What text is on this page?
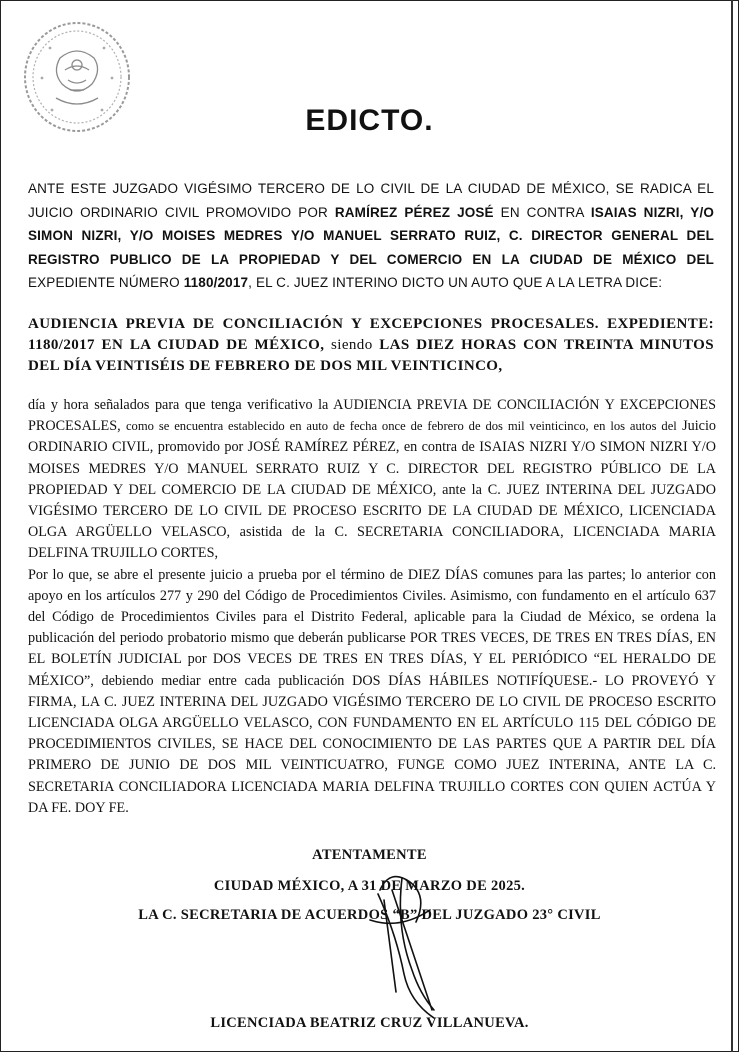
EDICTO.
ANTE ESTE JUZGADO VIGÉSIMO TERCERO DE LO CIVIL DE LA CIUDAD DE MÉXICO, SE RADICA EL JUICIO ORDINARIO CIVIL PROMOVIDO POR RAMÍREZ PÉREZ JOSÉ EN CONTRA ISAIAS NIZRI, Y/O SIMON NIZRI, Y/O MOISES MEDRES Y/O MANUEL SERRATO RUIZ, C. DIRECTOR GENERAL DEL REGISTRO PUBLICO DE LA PROPIEDAD Y DEL COMERCIO EN LA CIUDAD DE MÉXICO DEL EXPEDIENTE NÚMERO 1180/2017, EL C. JUEZ INTERINO DICTO UN AUTO QUE A LA LETRA DICE:
AUDIENCIA PREVIA DE CONCILIACIÓN Y EXCEPCIONES PROCESALES. EXPEDIENTE: 1180/2017 EN LA CIUDAD DE MÉXICO, siendo LAS DIEZ HORAS CON TREINTA MINUTOS DEL DÍA VEINTISÉIS DE FEBRERO DE DOS MIL VEINTICINCO,

día y hora señalados para que tenga verificativo la AUDIENCIA PREVIA DE CONCILIACIÓN Y EXCEPCIONES PROCESALES, como se encuentra establecido en auto de fecha once de febrero de dos mil veinticinco, en los autos del Juicio ORDINARIO CIVIL, promovido por JOSÉ RAMÍREZ PÉREZ, en contra de ISAIAS NIZRI Y/O SIMON NIZRI Y/O MOISES MEDRES Y/O MANUEL SERRATO RUIZ Y C. DIRECTOR DEL REGISTRO PÚBLICO DE LA PROPIEDAD Y DEL COMERCIO DE LA CIUDAD DE MÉXICO, ante la C. JUEZ INTERINA DEL JUZGADO VIGÉSIMO TERCERO DE LO CIVIL DE PROCESO ESCRITO DE LA CIUDAD DE MÉXICO, LICENCIADA OLGA ARGÜELLO VELASCO, asistida de la C. SECRETARIA CONCILIADORA, LICENCIADA MARIA DELFINA TRUJILLO CORTES,

Por lo que, se abre el presente juicio a prueba por el término de DIEZ DÍAS comunes para las partes; lo anterior con apoyo en los artículos 277 y 290 del Código de Procedimientos Civiles. Asimismo, con fundamento en el artículo 637 del Código de Procedimientos Civiles para el Distrito Federal, aplicable para la Ciudad de México, se ordena la publicación del periodo probatorio mismo que deberán publicarse POR TRES VECES, DE TRES EN TRES DÍAS, EN EL BOLETÍN JUDICIAL por DOS VECES DE TRES EN TRES DÍAS, Y EL PERIÓDICO “EL HERALDO DE MÉXICO”, debiendo mediar entre cada publicación DOS DÍAS HÁBILES NOTIFÍQUESE.- LO PROVEYÓ Y FIRMA, LA C. JUEZ INTERINA DEL JUZGADO VIGÉSIMO TERCERO DE LO CIVIL DE PROCESO ESCRITO LICENCIADA OLGA ARGÜELLO VELASCO, CON FUNDAMENTO EN EL ARTÍCULO 115 DEL CÓDIGO DE PROCEDIMIENTOS CIVILES, SE HACE DEL CONOCIMIENTO DE LAS PARTES QUE A PARTIR DEL DÍA PRIMERO DE JUNIO DE DOS MIL VEINTICUATRO, FUNGE COMO JUEZ INTERINA, ANTE LA C. SECRETARIA CONCILIADORA LICENCIADA MARIA DELFINA TRUJILLO CORTES CON QUIEN ACTÚA Y DA FE. DOY FE.

ATENTAMENTE
CIUDAD MÉXICO, A 31 DE MARZO DE 2025.
LA C. SECRETARIA DE ACUERDOS “B” DEL JUZGADO 23° CIVIL
LICENCIADA BEATRIZ CRUZ VILLANUEVA.
